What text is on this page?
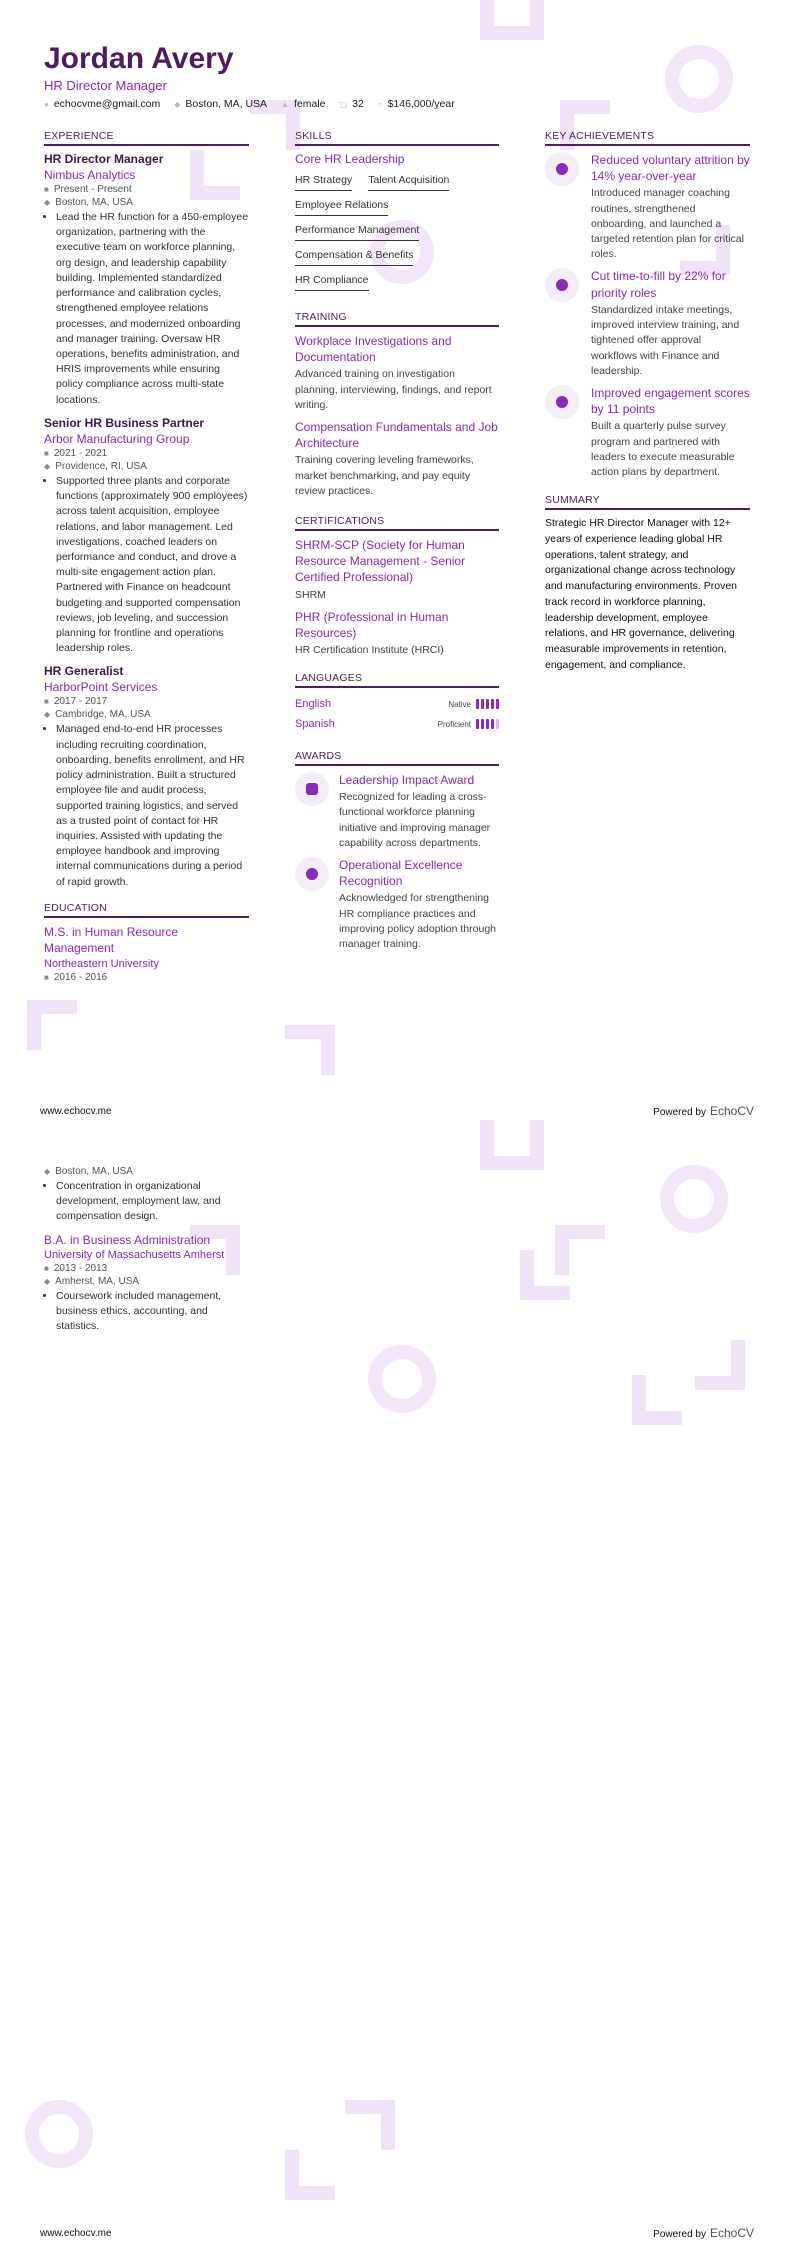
Jordan Avery
HR Director Manager
● echocvme@gmail.com ◆ Boston, MA, USA ▲ female ▢ 32 ○ $146,000/year
EXPERIENCE
HR Director Manager
Nimbus Analytics
■ Present - Present
◆ Boston, MA, USA
• Lead the HR function for a 450-employee organization, partnering with the executive team on workforce planning, org design, and leadership capability building. Implemented standardized performance and calibration cycles, strengthened employee relations processes, and modernized onboarding and manager training. Oversaw HR operations, benefits administration, and HRIS improvements while ensuring policy compliance across multi-state locations.
Senior HR Business Partner
Arbor Manufacturing Group
■ 2021 - 2021
◆ Providence, RI, USA
• Supported three plants and corporate functions (approximately 900 employees) across talent acquisition, employee relations, and labor management. Led investigations, coached leaders on performance and conduct, and drove a multi-site engagement action plan. Partnered with Finance on headcount budgeting and supported compensation reviews, job leveling, and succession planning for frontline and operations leadership roles.
HR Generalist
HarborPoint Services
■ 2017 - 2017
◆ Cambridge, MA, USA
• Managed end-to-end HR processes including recruiting coordination, onboarding, benefits enrollment, and HR policy administration. Built a structured employee file and audit process, supported training logistics, and served as a trusted point of contact for HR inquiries. Assisted with updating the employee handbook and improving internal communications during a period of rapid growth.
EDUCATION
M.S. in Human Resource Management
Northeastern University
■ 2016 - 2016
◆ Boston, MA, USA
• Concentration in organizational development, employment law, and compensation design.
B.A. in Business Administration
University of Massachusetts Amherst
■ 2013 - 2013
◆ Amherst, MA, USA
• Coursework included management, business ethics, accounting, and statistics.
SKILLS
Core HR Leadership
HR Strategy Talent Acquisition
Employee Relations
Performance Management
Compensation & Benefits
HR Compliance
TRAINING
Workplace Investigations and Documentation
Advanced training on investigation planning, interviewing, findings, and report writing.
Compensation Fundamentals and Job Architecture
Training covering leveling frameworks, market benchmarking, and pay equity review practices.
CERTIFICATIONS
SHRM-SCP (Society for Human Resource Management - Senior Certified Professional)
SHRM
PHR (Professional in Human Resources)
HR Certification Institute (HRCI)
LANGUAGES
English	Native
Spanish	Proficient
AWARDS
Leadership Impact Award
Recognized for leading a cross-functional workforce planning initiative and improving manager capability across departments.
Operational Excellence Recognition
Acknowledged for strengthening HR compliance practices and improving policy adoption through manager training.
KEY ACHIEVEMENTS
Reduced voluntary attrition by 14% year-over-year
Introduced manager coaching routines, strengthened onboarding, and launched a targeted retention plan for critical roles.
Cut time-to-fill by 22% for priority roles
Standardized intake meetings, improved interview training, and tightened offer approval workflows with Finance and leadership.
Improved engagement scores by 11 points
Built a quarterly pulse survey program and partnered with leaders to execute measurable action plans by department.
SUMMARY
Strategic HR Director Manager with 12+ years of experience leading global HR operations, talent strategy, and organizational change across technology and manufacturing environments. Proven track record in workforce planning, leadership development, employee relations, and HR governance, delivering measurable improvements in retention, engagement, and compliance.
www.echocv.me	Powered by EchoCV
www.echocv.me	Powered by EchoCV
